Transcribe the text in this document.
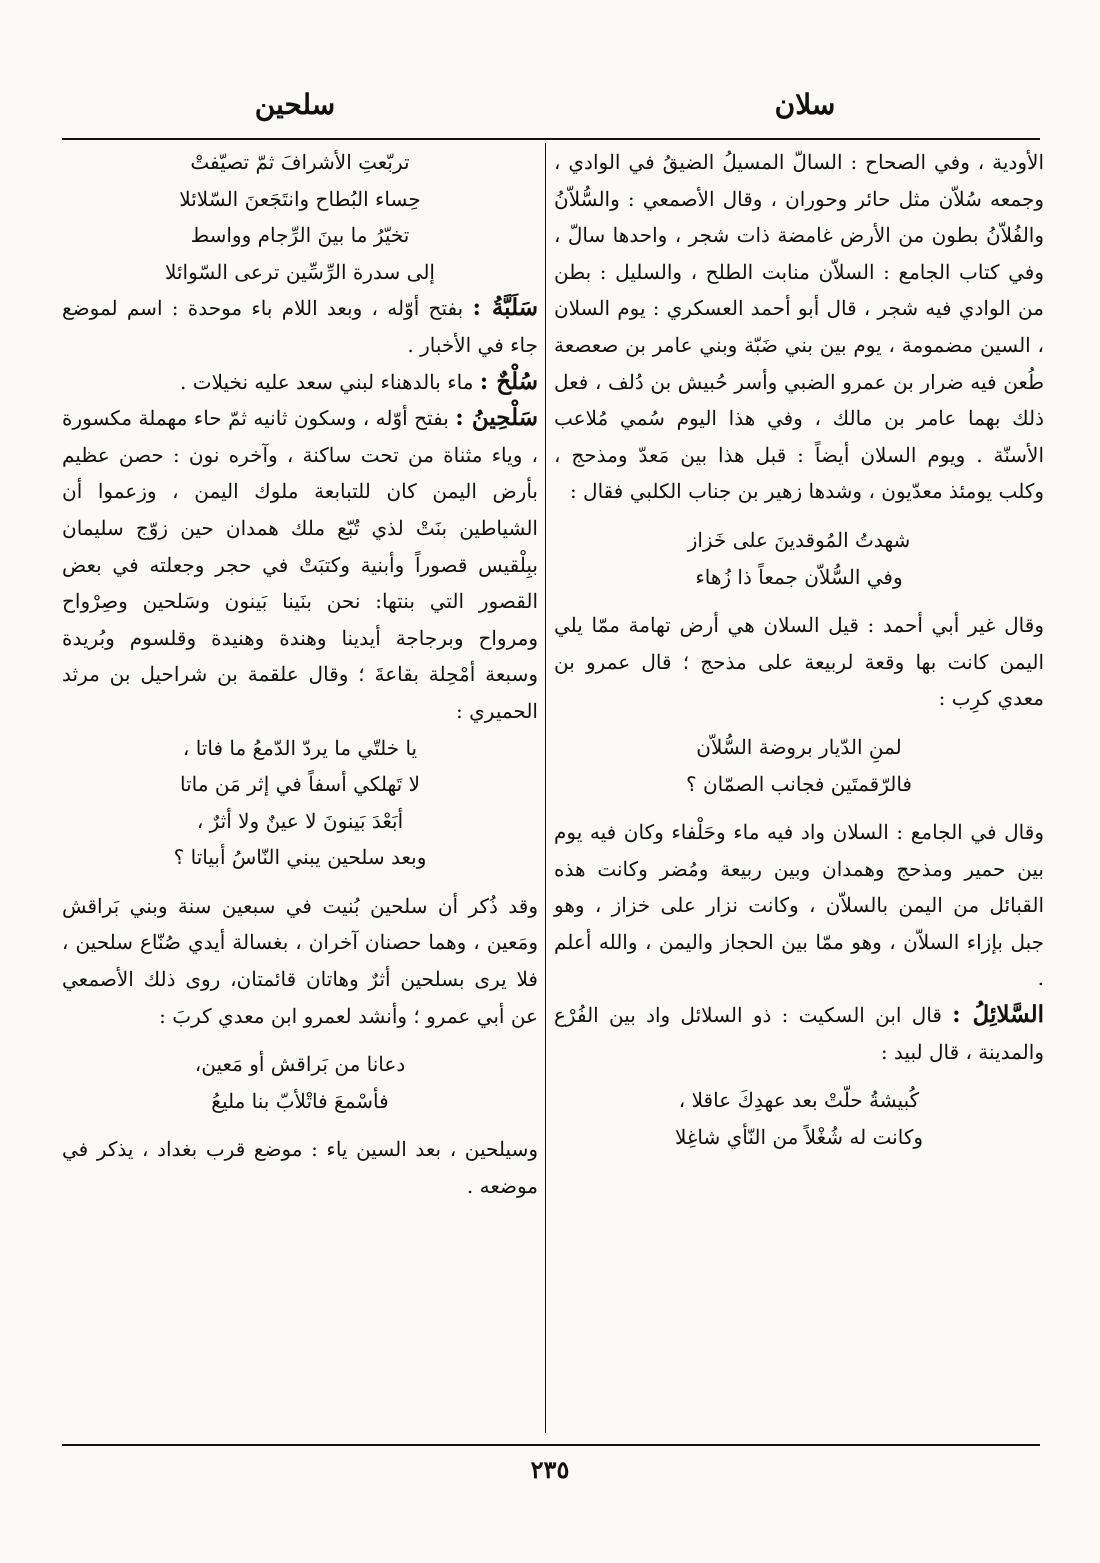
سلان
سلحين

الأودية ، وفي الصحاح : السالّ المسيلُ الضيقُ في الوادي ، وجمعه سُلاّن مثل حائر وحوران ، وقال الأصمعي : والسُّلاّنُ والفُلاّنُ بطون من الأرض غامضة ذات شجر ، واحدها سالّ ، وفي كتاب الجامع : السلاّن منابت الطلح ، والسليل : بطن من الوادي فيه شجر ، قال أبو أحمد العسكري : يوم السلان ، السين مضمومة ، يوم بين بني ضَبّة وبني عامر بن صعصعة طُعن فيه ضرار بن عمرو الضبي وأسر حُبيش بن دُلف ، فعل ذلك بهما عامر بن مالك ، وفي هذا اليوم سُمي مُلاعب الأسنّة . ويوم السلان أيضاً : قبل هذا بين مَعدّ ومذحج ، وكلب يومئذ معدّيون ، وشدها زهير بن جناب الكلبي فقال :

شهدتُ المُوقدينَ على خَزاز
وفي السُّلاّن جمعاً ذا زُهاء

وقال غير أبي أحمد : قيل السلان هي أرض تهامة ممّا يلي اليمن كانت بها وقعة لربيعة على مذحج ؛ قال عمرو بن معدي كرِب :

لمنِ الدّيار بروضة السُّلاّن
فالرّقمتَين فجانب الصمّان ؟

وقال في الجامع : السلان واد فيه ماء وحَلْفاء وكان فيه يوم بين حمير ومذحج وهمدان وبين ربيعة ومُضر وكانت هذه القبائل من اليمن بالسلاّن ، وكانت نزار على خزاز ، وهو جبل بإزاء السلاّن ، وهو ممّا بين الحجاز واليمن ، والله أعلم .

السَّلائِلُ : قال ابن السكيت : ذو السلائل واد بين الفُرْع والمدينة ، قال لبيد :

كُبيشةُ حلّتْ بعد عهدِكَ عاقلا ،
وكانت له شُغْلاً من النّأي شاغِلا
تربّعتِ الأشرافَ ثمّ تصيّفتْ
حِساء البُطاح وانتَجَعنَ السّلائلا
تخيّرُ ما بينَ الرِّجام وواسط
إلى سدرة الرِّسِّين ترعى السّوائلا

سَلَبَّةُ : بفتح أوّله ، وبعد اللام باء موحدة : اسم لموضع جاء في الأخبار .

سُلْحٌ : ماء بالدهناء لبني سعد عليه نخيلات .

سَلْحِينُ : بفتح أوّله ، وسكون ثانيه ثمّ حاء مهملة مكسورة ، وياء مثناة من تحت ساكنة ، وآخره نون : حصن عظيم بأرض اليمن كان للتبابعة ملوك اليمن ، وزعموا أن الشياطين بنَتْ لذي تُبّع ملك همدان حين زوّج سليمان ببِلْقيس قصوراً وأبنية وكتبَتْ في حجر وجعلته في بعض القصور التي بنتها: نحن بنَينا بَينون وسَلحين وصِرْواح ومرواح وبرجاجة أيدينا وهندة وهنيدة وقلسوم وبُريدة وسبعة أمْحِلة بقاعةَ ؛ وقال علقمة بن شراحيل بن مرثد الحميري :

يا خلتّي ما يردّ الدّمعُ ما فاتا ،
لا تَهلكي أسفاً في إثر مَن ماتا
أبَعْدَ بَينونَ لا عينٌ ولا أثرٌ ،
وبعد سلحين يبني النّاسُ أبياتا ؟

وقد ذُكر أن سلحين بُنيت في سبعين سنة وبني بَراقش ومَعين ، وهما حصنان آخران ، بغسالة أيدي صُنّاع سلحين ، فلا يرى بسلحين أثرٌ وهاتان قائمتان، روى ذلك الأصمعي عن أبي عمرو ؛ وأنشد لعمرو ابن معدي كربَ :

دعانا من بَراقش أو مَعين،
فأسْمعَ فاتْلأبّ بنا مليعُ

وسيلحين ، بعد السين ياء : موضع قرب بغداد ، يذكر في موضعه .

٢٣٥
